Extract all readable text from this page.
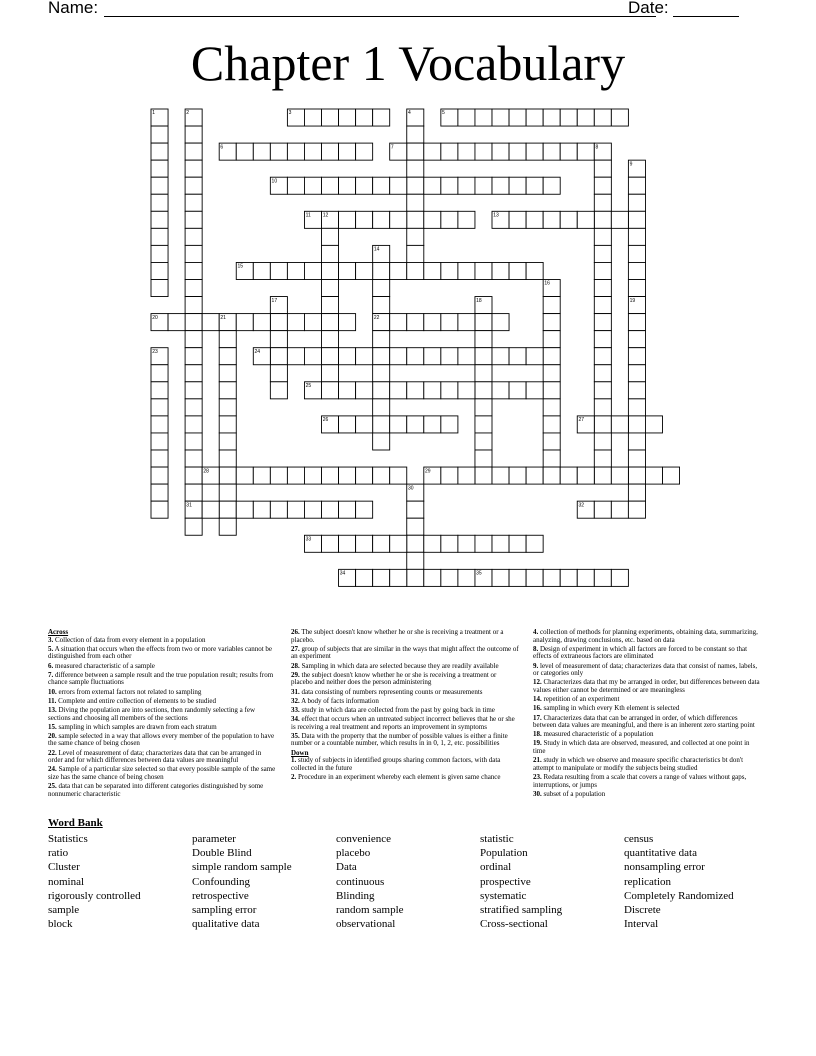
Name:	Date:
Chapter 1 Vocabulary
1	2	3	4	5
6	7	8
9
10
11 12	13
14
15
16
17	18	19
20	21	22
23	24
25
26	27
28	29
30
31	32
33
34	35
Across
3. Collection of data from every element in a population
5. A situation that occurs when the effects from two or more variables cannot be distinguished from each other
6. measured characteristic of a sample
7. difference between a sample result and the true population result; results from chance sample fluctuations
10. errors from external factors not related to sampling
11. Complete and entire collection of elements to be studied
13. Diving the population are into sections, then randomly selecting a few sections and choosing all members of the sections
15. sampling in which samples are drawn from each stratum
20. sample selected in a way that allows every member of the population to have the same chance of being chosen
22. Level of measurement of data; characterizes data that can be arranged in order and for which differences between data values are meaningful
24. Sample of a particular size selected so that every possible sample of the same size has the same chance of being chosen
25. data that can be separated into different categories distinguished by some nonnumeric characteristic
26. The subject doesn't know whether he or she is receiving a treatment or a placebo.
27. group of subjects that are similar in the ways that might affect the outcome of an experiment
28. Sampling in which data are selected because they are readily available
29. the subject doesn't know whether he or she is receiving a treatment or placebo and neither does the person administering
31. data consisting of numbers representing counts or measurements
32. A body of facts information
33. study in which data are collected from the past by going back in time
34. effect that occurs when an untreated subject incorrect believes that he or she is receiving a real treatment and reports an improvement in symptoms
35. Data with the property that the number of possible values is either a finite number or a countable number, which results in in 0, 1, 2, etc. possibilities
Down
1. study of subjects in identified groups sharing common factors, with data collected in the future
2. Procedure in an experiment whereby each element is given same chance
4. collection of methods for planning experiments, obtaining data, summarizing, analyzing, drawing conclusions, etc. based on data
8. Design of experiment in which all factors are forced to be constant so that effects of extraneous factors are eliminated
9. level of measurement of data; characterizes data that consist of names, labels, or categories only
12. Characterizes data that my be arranged in order, but differences between data values either cannot be determined or are meaningless
14. repetition of an experiment
16. sampling in which every Kth element is selected
17. Characterizes data that can be arranged in order, of which differences between data values are meaningful, and there is an inherent zero starting point
18. measured characteristic of a population
19. Study in which data are observed, measured, and collected at one point in time
21. study in which we observe and measure specific characteristics bt don't attempt to manipulate or modify the subjects being studied
23. Redata resulting from a scale that covers a range of values without gaps, interruptions, or jumps
30. subset of a population
Word Bank
Statistics
ratio
Cluster
nominal
rigorously controlled
sample
block
parameter
Double Blind
simple random sample
Confounding
retrospective
sampling error
qualitative data
convenience
placebo
Data
continuous
Blinding
random sample
observational
statistic
Population
ordinal
prospective
systematic
stratified sampling
Cross-sectional
census
quantitative data
nonsampling error
replication
Completely Randomized
Discrete
Interval
